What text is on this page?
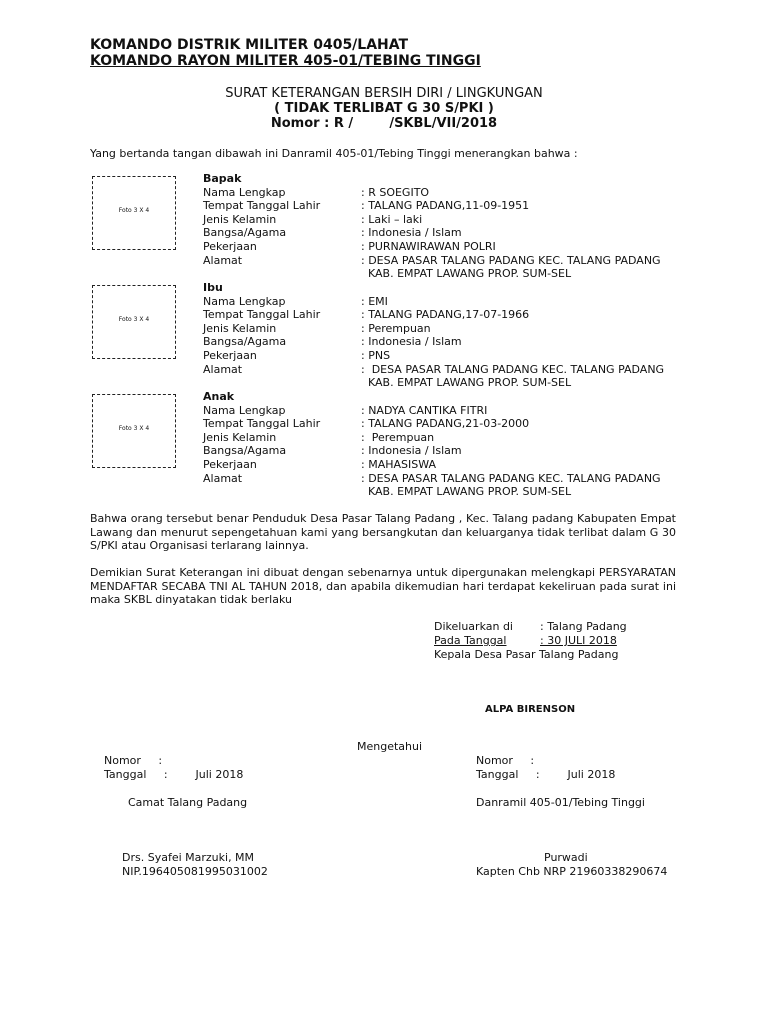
KOMANDO DISTRIK MILITER 0405/LAHAT
KOMANDO RAYON MILITER 405-01/TEBING TINGGI
SURAT KETERANGAN BERSIH DIRI / LINGKUNGAN
( TIDAK TERLIBAT G 30 S/PKI )
Nomor : R /        /SKBL/VII/2018
Yang bertanda tangan dibawah ini Danramil 405-01/Tebing Tinggi menerangkan bahwa :
Foto 3 X 4
Bapak
Nama Lengkap	: R SOEGITO
Tempat Tanggal Lahir	: TALANG PADANG,11-09-1951
Jenis Kelamin	: Laki – laki
Bangsa/Agama	: Indonesia / Islam
Pekerjaan	: PURNAWIRAWAN POLRI
Alamat	: DESA PASAR TALANG PADANG KEC. TALANG PADANG
KAB. EMPAT LAWANG PROP. SUM-SEL
Foto 3 X 4
Ibu
Nama Lengkap	: EMI
Tempat Tanggal Lahir	: TALANG PADANG,17-07-1966
Jenis Kelamin	: Perempuan
Bangsa/Agama	: Indonesia / Islam
Pekerjaan	: PNS
Alamat	:  DESA PASAR TALANG PADANG KEC. TALANG PADANG
KAB. EMPAT LAWANG PROP. SUM-SEL
Foto 3 X 4
Anak
Nama Lengkap	: NADYA CANTIKA FITRI
Tempat Tanggal Lahir	: TALANG PADANG,21-03-2000
Jenis Kelamin	:  Perempuan
Bangsa/Agama	: Indonesia / Islam
Pekerjaan	: MAHASISWA
Alamat	: DESA PASAR TALANG PADANG KEC. TALANG PADANG
KAB. EMPAT LAWANG PROP. SUM-SEL
Bahwa orang tersebut benar Penduduk Desa Pasar Talang Padang , Kec. Talang padang Kabupaten Empat Lawang dan menurut sepengetahuan kami yang bersangkutan dan keluarganya tidak terlibat dalam G 30 S/PKI atau Organisasi terlarang lainnya.
Demikian Surat Keterangan ini dibuat dengan sebenarnya untuk dipergunakan melengkapi PERSYARATAN MENDAFTAR SECABA TNI AL TAHUN 2018, dan apabila dikemudian hari terdapat kekeliruan pada surat ini maka SKBL dinyatakan tidak berlaku
Dikeluarkan di : Talang Padang
Pada Tanggal	: 30 JULI 2018
Kepala Desa Pasar Talang Padang
ALPA BIRENSON
Mengetahui
Nomor     :
Tanggal     :        Juli 2018
Camat Talang Padang
Drs. Syafei Marzuki, MM
NIP.196405081995031002
Nomor     :
Tanggal     :        Juli 2018
Danramil 405-01/Tebing Tinggi
Purwadi
Kapten Chb NRP 21960338290674
